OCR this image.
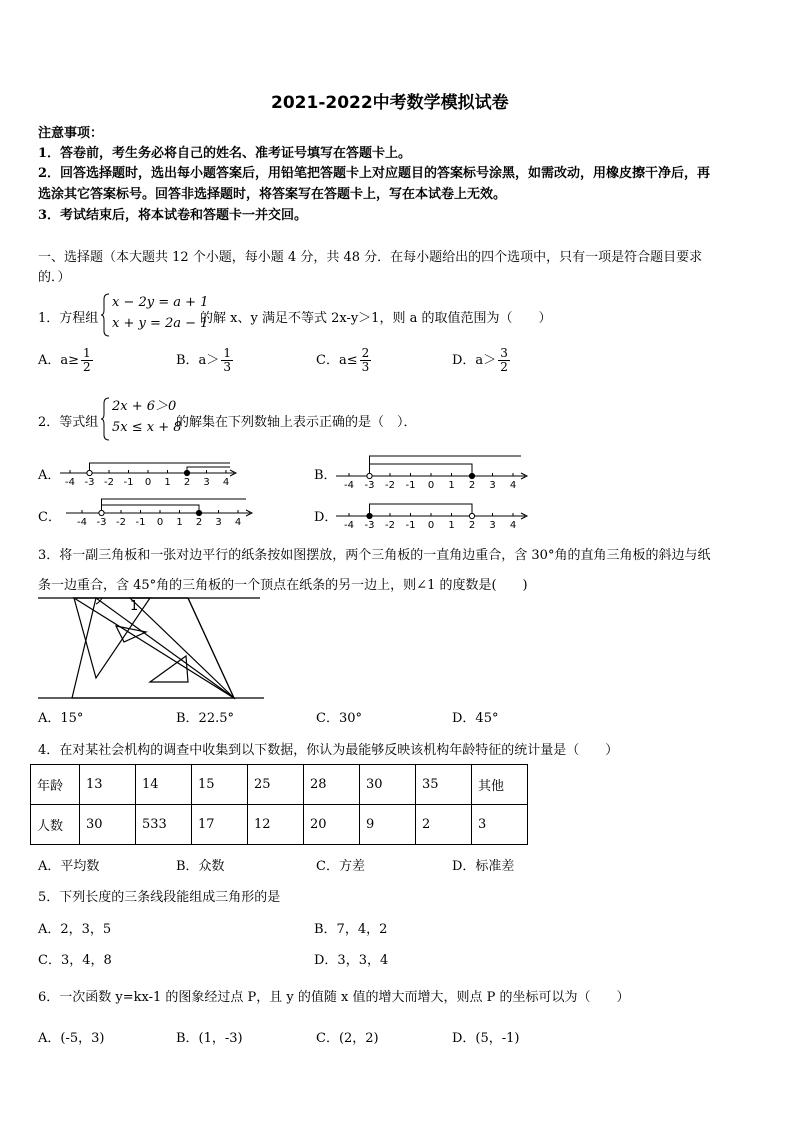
2021-2022中考数学模拟试卷
注意事项：
1．答卷前，考生务必将自己的姓名、准考证号填写在答题卡上。
2．回答选择题时，选出每小题答案后，用铅笔把答题卡上对应题目的答案标号涂黑，如需改动，用橡皮擦干净后，再
选涂其它答案标号。回答非选择题时，将答案写在答题卡上，写在本试卷上无效。
3．考试结束后，将本试卷和答题卡一并交回。
一、选择题（本大题共 12 个小题，每小题 4 分，共 48 分．在每小题给出的四个选项中，只有一项是符合题目要求
的．）
1．方程组
x − 2y = a + 1
x + y = 2a − 1
的解 x、y 满足不等式 2x-y＞1，则 a 的取值范围为（　　）
A．$a\ge \frac{1}{2}$	B．$a> \frac{1}{3}$	C．$a\le \frac{2}{3}$	D．$a> \frac{3}{2}$
2．等式组
2x + 6＞0
5x ≤ x + 8
的解集在下列数轴上表示正确的是（　）．
A．	B．
C．	D．
-4 -3 -2 -1 0 1 2 3 4	-4 -3 -2 -1 0 1 2 3 4
-4 -3 -2 -1 0 1 2 3 4	-4 -3 -2 -1 0 1 2 3 4
3．将一副三角板和一张对边平行的纸条按如图摆放，两个三角板的一直角边重合，含 30°角的直角三角板的斜边与纸
条一边重合，含 45°角的三角板的一个顶点在纸条的另一边上，则∠1 的度数是(　　)
1
A．15°	B．22.5°	C．30°	D．45°
4．在对某社会机构的调查中收集到以下数据，你认为最能够反映该机构年龄特征的统计量是（　　）
年龄	13	14	15	25	28	30	35	其他
人数	30	533	17	12	20	9	2	3
A．平均数	B．众数	C．方差	D．标准差
5．下列长度的三条线段能组成三角形的是
A．2，3，5	B．7，4，2
C．3，4，8	D．3，3，4
6．一次函数 y=kx-1 的图象经过点 P，且 y 的值随 x 值的增大而增大，则点 P 的坐标可以为（　　）
A．(-5，3)	B．(1，-3)	C．(2，2)	D．(5，-1)
